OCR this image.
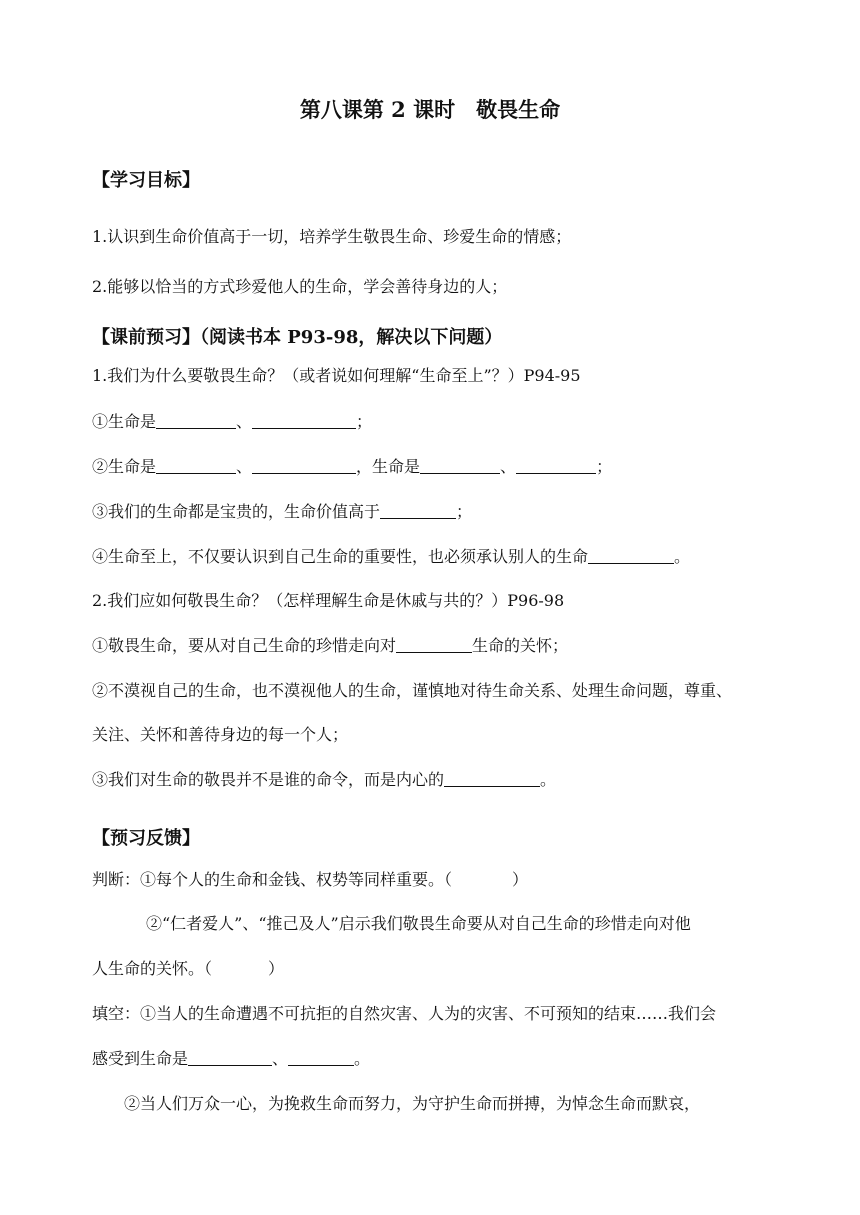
第八课第 2 课时　敬畏生命
【学习目标】
1.认识到生命价值高于一切，培养学生敬畏生命、珍爱生命的情感；
2.能够以恰当的方式珍爱他人的生命，学会善待身边的人；
【课前预习】（阅读书本 P93-98，解决以下问题）
1.我们为什么要敬畏生命？（或者说如何理解“生命至上”？）P94-95
①生命是	、	；
②生命是	、	，生命是	、	；
③我们的生命都是宝贵的，生命价值高于	；
④生命至上，不仅要认识到自己生命的重要性，也必须承认别人的生命	。
2.我们应如何敬畏生命？（怎样理解生命是休戚与共的？）P96-98
①敬畏生命，要从对自己生命的珍惜走向对	生命的关怀；
②不漠视自己的生命，也不漠视他人的生命，谨慎地对待生命关系、处理生命问题，尊重、
关注、关怀和善待身边的每一个人；
③我们对生命的敬畏并不是谁的命令，而是内心的	。
【预习反馈】
判断：①每个人的生命和金钱、权势等同样重要。（	）
②“仁者爱人”、“推己及人”启示我们敬畏生命要从对自己生命的珍惜走向对他
人生命的关怀。（	）
填空：①当人的生命遭遇不可抗拒的自然灾害、人为的灾害、不可预知的结束……我们会
感受到生命是	、	。
②当人们万众一心，为挽救生命而努力，为守护生命而拼搏，为悼念生命而默哀，
